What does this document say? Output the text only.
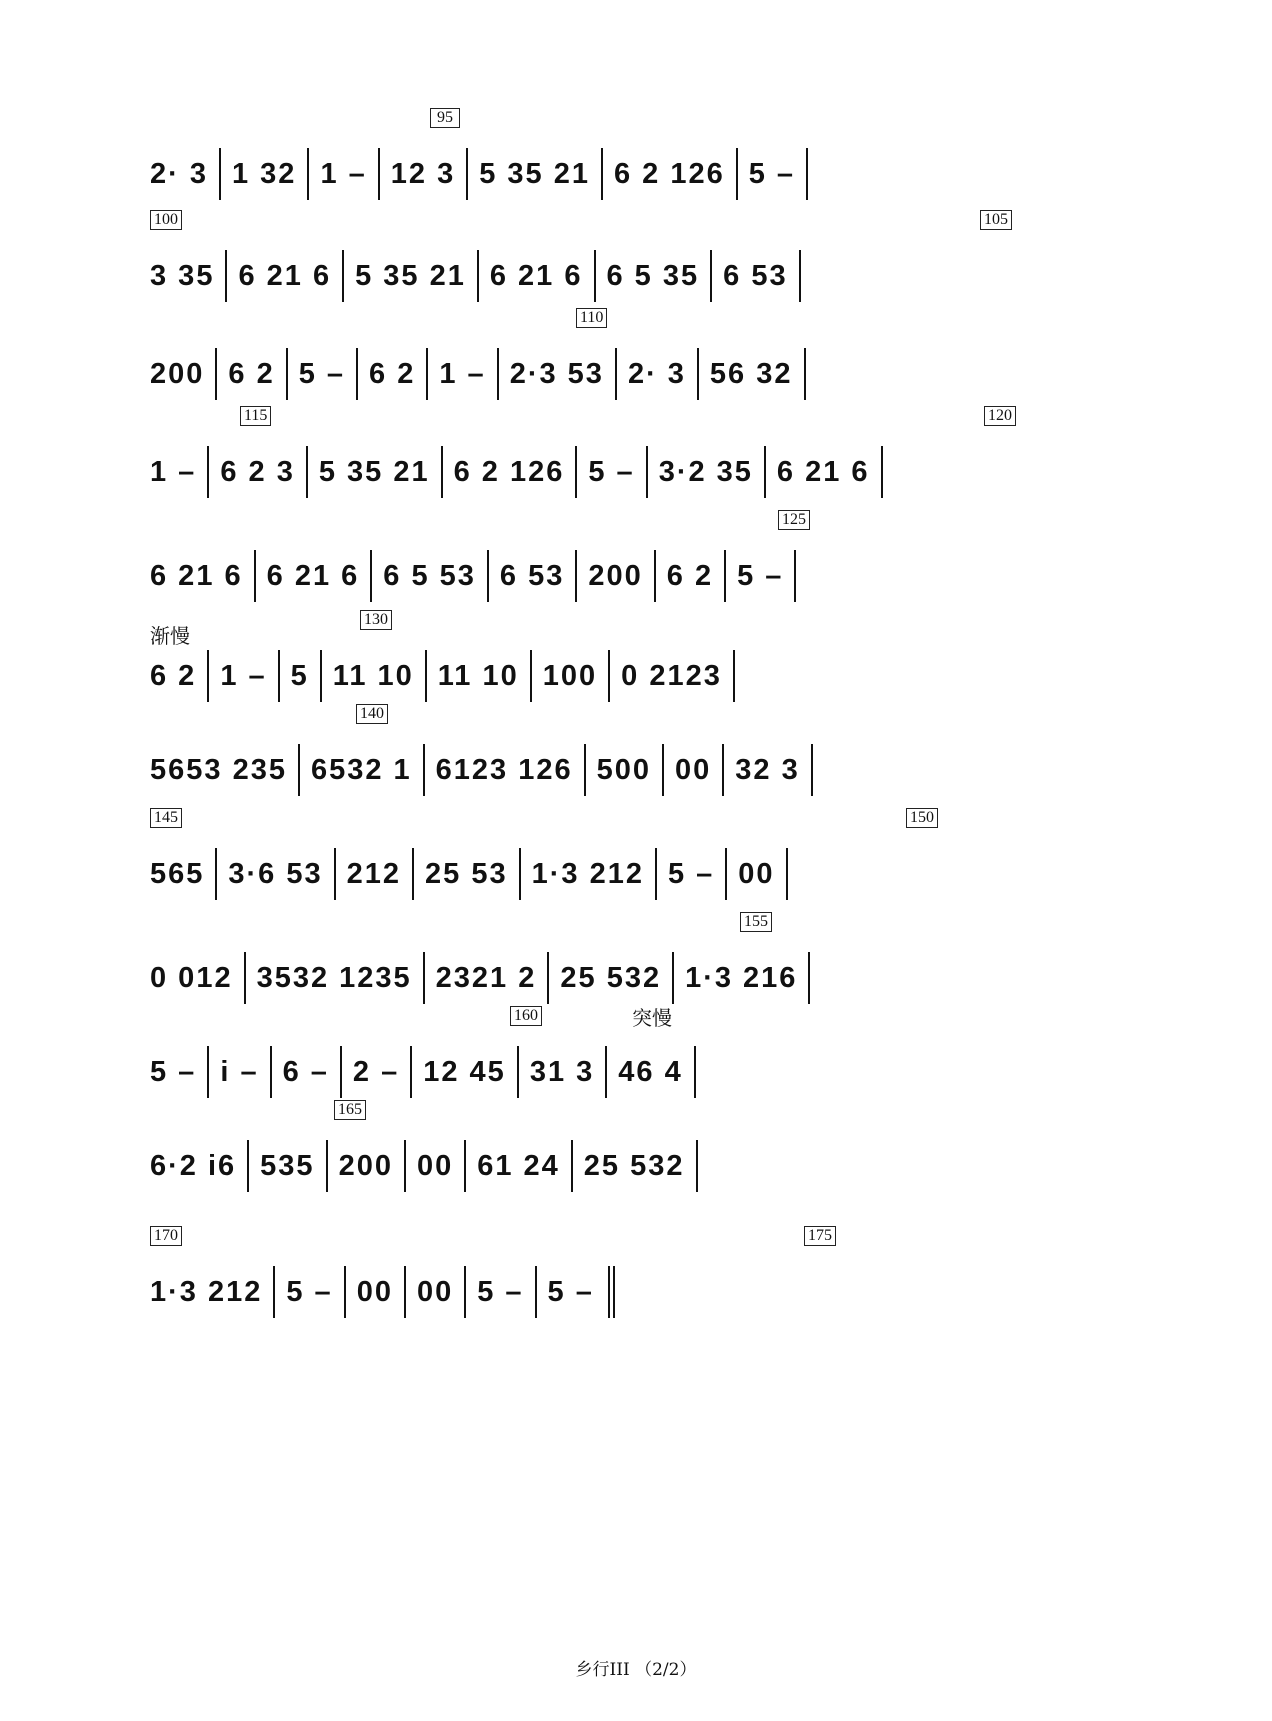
95
2· 3 1 32 1 – 12 3 5 35 21 6 2 126 5 –
100	105
3 35 6 21 6 5 35 21 6 21 6 6 5 35 6 53
110
200 6 2 5 – 6 2 1 – 2·3 53 2· 3 56 32
115	120
1 – 6 2 3 5 35 21 6 2 126 5 – 3·2 35 6 21 6
125
6 21 6 6 21 6 6 5 53 6 53 200 6 2 5 –
渐慢
130
6 2 1 – 5 11 10 11 10 100 0 2123
140
5653 235 6532 1 6123 126 500 00 32 3
145	150
565 3·6 53 212 25 53 1·3 212 5 – 00
155
0 012 3532 1235 2321 2 25 532 1·3 216
160	突慢
5 – i – 6 – 2 – 12 45 31 3 46 4
165
6·2 i6 535 200 00 61 24 25 532
170	175
1·3 212 5 – 00 00 5 – 5 –
乡行III （2/2）
